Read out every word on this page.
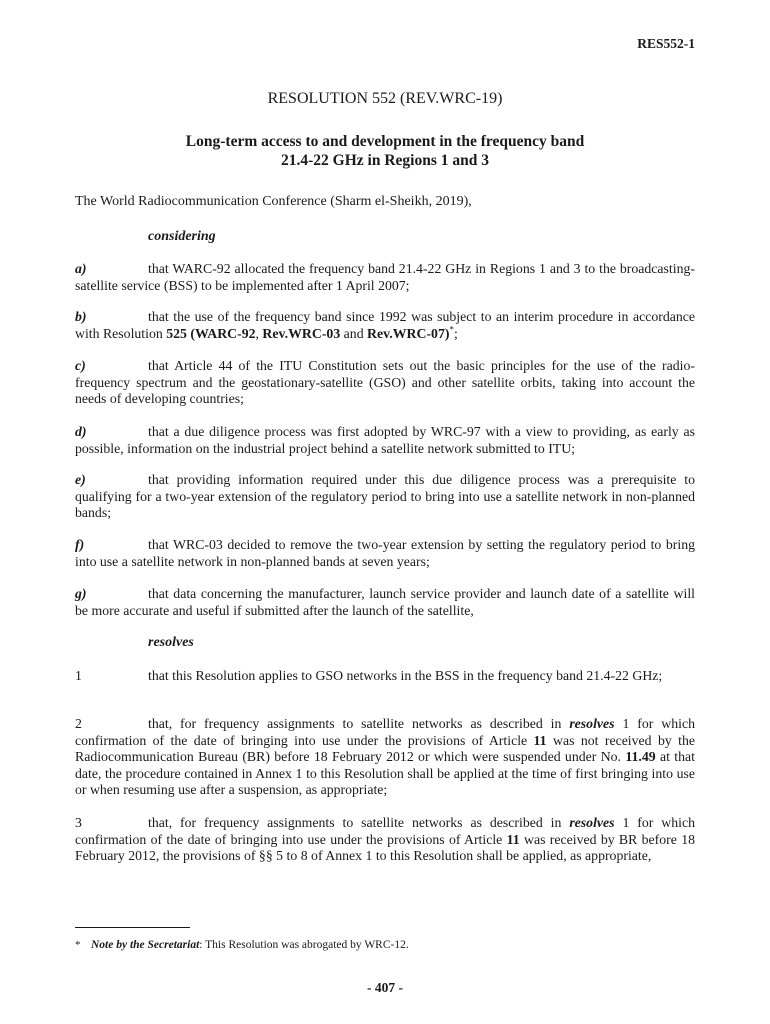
RES552-1
RESOLUTION 552 (REV.WRC-19)
Long-term access to and development in the frequency band
21.4-22 GHz in Regions 1 and 3
The World Radiocommunication Conference (Sharm el-Sheikh, 2019),
considering
a)	that WARC-92 allocated the frequency band 21.4-22 GHz in Regions 1 and 3 to the broadcasting-satellite service (BSS) to be implemented after 1 April 2007;
b)	that the use of the frequency band since 1992 was subject to an interim procedure in accordance with Resolution 525 (WARC-92, Rev.WRC-03 and Rev.WRC-07)*;
c)	that Article 44 of the ITU Constitution sets out the basic principles for the use of the radio-frequency spectrum and the geostationary-satellite (GSO) and other satellite orbits, taking into account the needs of developing countries;
d)	that a due diligence process was first adopted by WRC-97 with a view to providing, as early as possible, information on the industrial project behind a satellite network submitted to ITU;
e)	that providing information required under this due diligence process was a prerequisite to qualifying for a two-year extension of the regulatory period to bring into use a satellite network in non-planned bands;
f)	that WRC-03 decided to remove the two-year extension by setting the regulatory period to bring into use a satellite network in non-planned bands at seven years;
g)	that data concerning the manufacturer, launch service provider and launch date of a satellite will be more accurate and useful if submitted after the launch of the satellite,
resolves
1	that this Resolution applies to GSO networks in the BSS in the frequency band 21.4-22 GHz;
2	that, for frequency assignments to satellite networks as described in resolves 1 for which confirmation of the date of bringing into use under the provisions of Article 11 was not received by the Radiocommunication Bureau (BR) before 18 February 2012 or which were suspended under No. 11.49 at that date, the procedure contained in Annex 1 to this Resolution shall be applied at the time of first bringing into use or when resuming use after a suspension, as appropriate;
3	that, for frequency assignments to satellite networks as described in resolves 1 for which confirmation of the date of bringing into use under the provisions of Article 11 was received by BR before 18 February 2012, the provisions of §§ 5 to 8 of Annex 1 to this Resolution shall be applied, as appropriate,
* Note by the Secretariat: This Resolution was abrogated by WRC-12.
- 407 -
